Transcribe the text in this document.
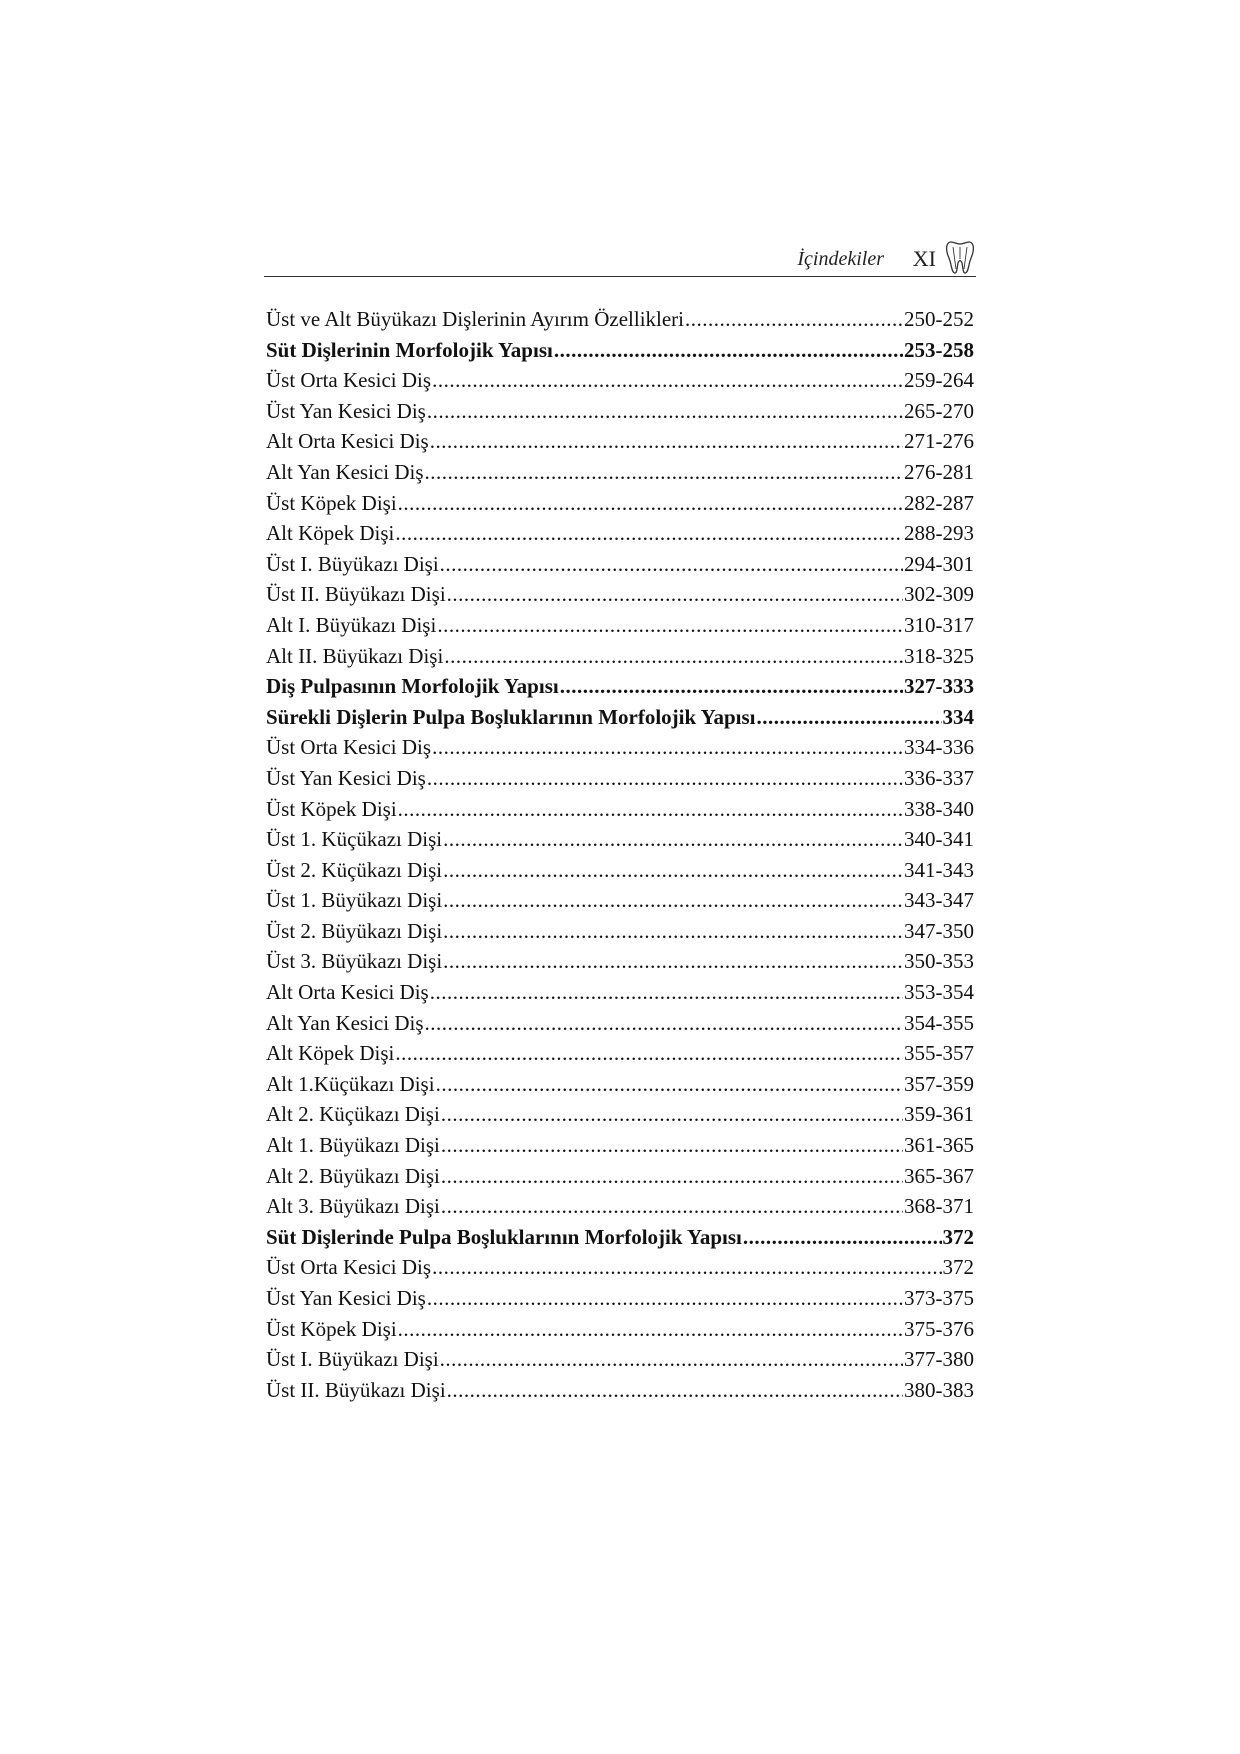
İçindekiler XI
Üst ve Alt Büyükazı Dişlerinin Ayırım Özellikleri .....	250-252
Süt Dişlerinin Morfolojik Yapısı .....	253-258
Üst Orta Kesici Diş .....	259-264
Üst Yan Kesici Diş .....	265-270
Alt Orta Kesici Diş .....	271-276
Alt Yan Kesici Diş .....	276-281
Üst Köpek Dişi .....	282-287
Alt Köpek Dişi .....	288-293
Üst I. Büyükazı Dişi .....	294-301
Üst II. Büyükazı Dişi .....	302-309
Alt I. Büyükazı Dişi .....	310-317
Alt II. Büyükazı Dişi .....	318-325
Diş Pulpasının Morfolojik Yapısı .....	327-333
Sürekli Dişlerin Pulpa Boşluklarının Morfolojik Yapısı .....	334
Üst Orta Kesici Diş .....	334-336
Üst Yan Kesici Diş .....	336-337
Üst Köpek Dişi .....	338-340
Üst 1. Küçükazı Dişi .....	340-341
Üst 2. Küçükazı Dişi .....	341-343
Üst 1. Büyükazı Dişi .....	343-347
Üst 2. Büyükazı Dişi .....	347-350
Üst 3. Büyükazı Dişi .....	350-353
Alt Orta Kesici Diş .....	353-354
Alt Yan Kesici Diş .....	354-355
Alt Köpek Dişi .....	355-357
Alt 1.Küçükazı Dişi .....	357-359
Alt 2. Küçükazı Dişi .....	359-361
Alt 1. Büyükazı Dişi .....	361-365
Alt 2. Büyükazı Dişi .....	365-367
Alt 3. Büyükazı Dişi .....	368-371
Süt Dişlerinde Pulpa Boşluklarının Morfolojik Yapısı .....	372
Üst Orta Kesici Diş .....	372
Üst Yan Kesici Diş .....	373-375
Üst Köpek Dişi .....	375-376
Üst I. Büyükazı Dişi .....	377-380
Üst II. Büyükazı Dişi .....	380-383
